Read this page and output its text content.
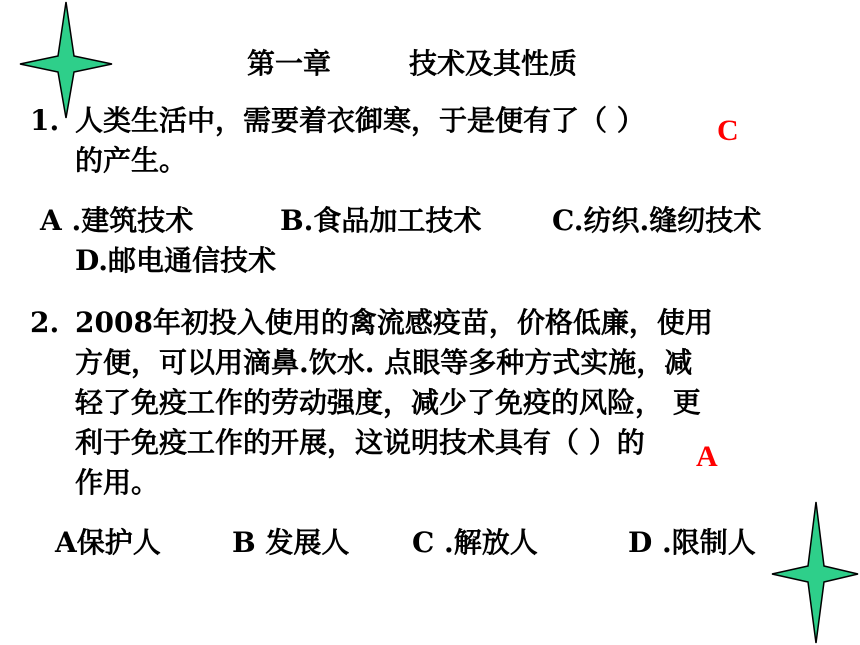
第一章        技术及其性质
1. 人类生活中，需要着衣御寒，于是便有了（ ）
的产生。
C
A .建筑技术	B.食品加工技术	C.纺织.缝纫技术
D.邮电通信技术
2. 2008年初投入使用的禽流感疫苗，价格低廉，使用
方便，可以用滴鼻.饮水. 点眼等多种方式实施，减
轻了免疫工作的劳动强度，减少了免疫的风险， 更
利于免疫工作的开展，这说明技术具有（ ）的
作用。
A
A保护人	B 发展人 C .解放人	D .限制人
